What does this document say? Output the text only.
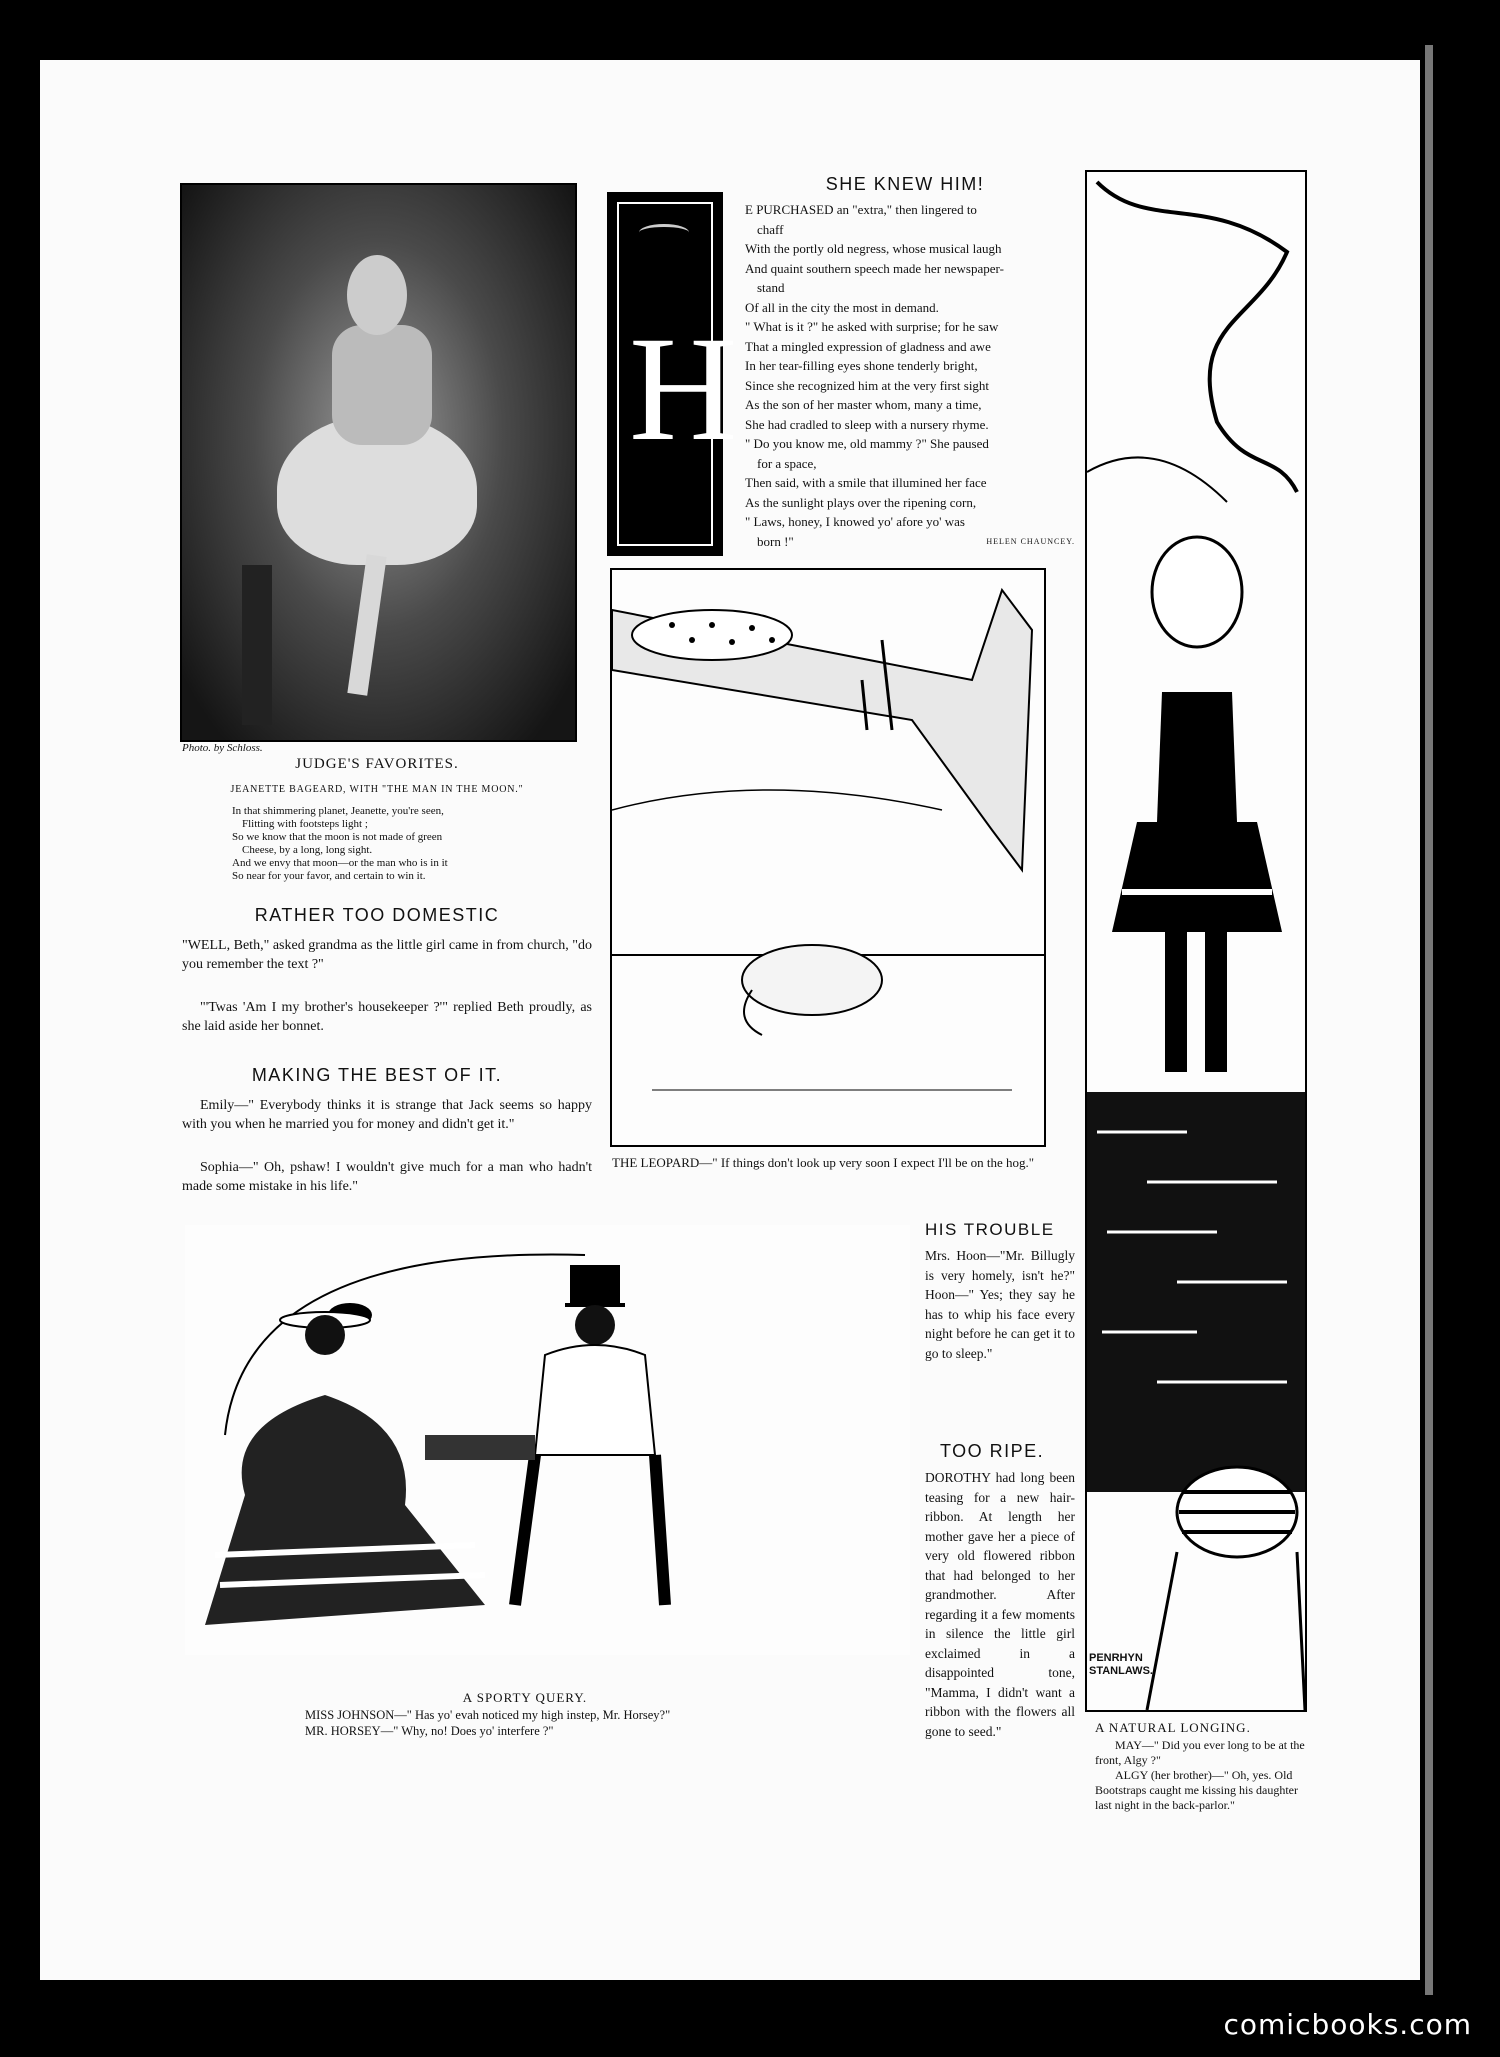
Photo. by Schloss.
JUDGE'S FAVORITES.
JEANETTE BAGEARD, WITH "THE MAN IN THE MOON."
In that shimmering planet, Jeanette, you're seen,
Flitting with footsteps light ;
So we know that the moon is not made of green
Cheese, by a long, long sight.
And we envy that moon—or the man who is in it
So near for your favor, and certain to win it.
RATHER TOO DOMESTIC
"WELL, Beth," asked grandma as the little girl came in from church, "do you remember the text ?"
"'Twas 'Am I my brother's housekeeper ?'" replied Beth proudly, as she laid aside her bonnet.
MAKING THE BEST OF IT.
Emily—" Everybody thinks it is strange that Jack seems so happy with you when he married you for money and didn't get it."
Sophia—" Oh, pshaw! I wouldn't give much for a man who hadn't made some mistake in his life."
SHE KNEW HIM!
H
E PURCHASED an "extra," then lingered to
chaff
With the portly old negress, whose musical laugh
And quaint southern speech made her newspaper-
stand
Of all in the city the most in demand.
" What is it ?" he asked with surprise; for he saw
That a mingled expression of gladness and awe
In her tear-filling eyes shone tenderly bright,
Since she recognized him at the very first sight
As the son of her master whom, many a time,
She had cradled to sleep with a nursery rhyme.
" Do you know me, old mammy ?" She paused
for a space,
Then said, with a smile that illumined her face
As the sunlight plays over the ripening corn,
" Laws, honey, I knowed yo' afore yo' was
born !"	HELEN CHAUNCEY.
THE LEOPARD—" If things don't look up very soon I expect I'll be on the hog."
PENRHYN STANLAWS.
HIS TROUBLE
Mrs. Hoon—"Mr. Billugly is very homely, isn't he?" Hoon—" Yes; they say he has to whip his face every night before he can get it to go to sleep."
TOO RIPE.
DOROTHY had long been teasing for a new hair-ribbon. At length her mother gave her a piece of very old flowered ribbon that had belonged to her grandmother. After regarding it a few moments in silence the little girl exclaimed in a disappointed tone, "Mamma, I didn't want a ribbon with the flowers all gone to seed."	A NATURAL LONGING.
MAY—" Did you ever long to be at the front, Algy ?"
ALGY (her brother)—" Oh, yes. Old Bootstraps caught me kissing his daughter last night in the back-parlor."
A SPORTY QUERY.
MISS JOHNSON—" Has yo' evah noticed my high instep, Mr. Horsey?"
MR. HORSEY—" Why, no! Does yo' interfere ?"
comicbooks.com
